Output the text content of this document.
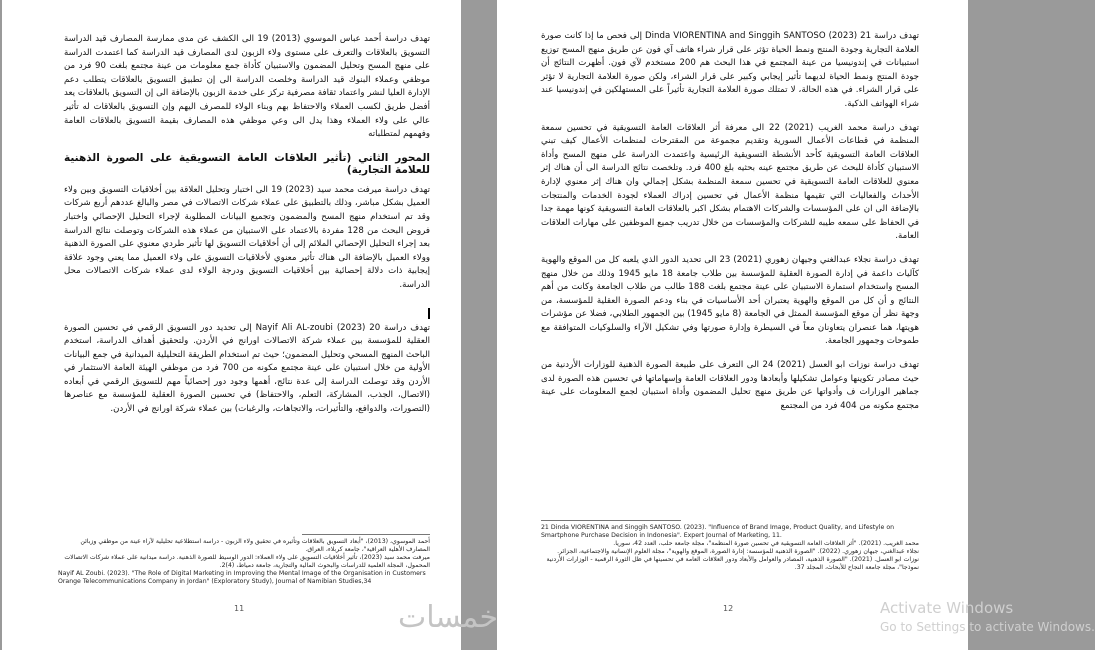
تهدف دراسة أحمد عباس الموسوي (2013) 19 الى الكشف عن مدى ممارسة المصارف قيد الدراسة التسويق بالعلاقات والتعرف على مستوى ولاء الزبون لدى المصارف قيد الدراسة كما اعتمدت الدراسة على منهج المسح وتحليل المضمون والاستبيان كأداة جمع معلومات من عينة مجتمع بلغت 90 فرد من موظفي وعملاء البنوك قيد الدراسة وخلصت الدراسة الى إن تطبيق التسويق بالعلاقات يتطلب دعم الإدارة العليا لنشر واعتماد ثقافة مصرفية تركز على خدمة الزبون بالإضافة الى إن التسويق بالعلاقات يعد أفضل طريق لكسب العملاء والاحتفاظ بهم وبناء الولاء للمصرف اليهم وإن التسويق بالعلاقات له تأثير عالي على ولاء العملاء وهذا يدل الى وعي موظفي هذه المصارف بقيمة التسويق بالعلاقات العامة وفهمهم لمتطلباته

المحور الثاني (تأثير العلاقات العامة التسويقية على الصورة الذهنية للعلامة التجارية)

تهدف دراسة ميرفت محمد سيد (2023) 19 الى اختبار وتحليل العلاقة بين أخلاقيات التسويق وبين ولاء العميل بشكل مباشر، وذلك بالتطبيق على عملاء شركات الاتصالات في مصر والبالغ عددهم أربع شركات وقد تم استخدام منهج المسح والمضمون وتجميع البيانات المطلوبة لإجراء التحليل الإحصائي واختبار فروض البحث من 128 مفردة بالاعتماد على الاستبيان من عملاء هذه الشركات وتوصلت نتائج الدراسة بعد إجراء التحليل الإحصائي الملائم إلى أن أخلاقيات التسويق لها تأثير طردي معنوي على الصورة الذهنية وولاء العميل بالإضافة الى هناك تأثير معنوي لأخلاقيات التسويق على ولاء العميل مما يعني وجود علاقة إيجابية ذات دلالة إحصائية بين أخلاقيات التسويق ودرجة الولاء لدى عملاء شركات الاتصالات محل الدراسة.

تهدف دراسة Nayif Ali AL-zoubi (2023) 20 إلى تحديد دور التسويق الرقمي في تحسين الصورة العقلية للمؤسسة بين عملاء شركة الاتصالات اورانج في الأردن. ولتحقيق أهداف الدراسة، استخدم الباحث المنهج المسحي وتحليل المضمون؛ حيث تم استخدام الطريقة التحليلية الميدانية في جمع البيانات الأولية من خلال استبيان على عينة مجتمع مكونه من 700 فرد من موظفي الهيئة العامة الاستثمار في الأردن وقد توصلت الدراسة إلى عدة نتائج، أهمها وجود دور إحصائياً مهم للتسويق الرقمي في أبعاده (الاتصال، الجذب، المشاركة، التعلم، والاحتفاظ) في تحسين الصورة العقلية للمؤسسة مع عناصرها (التصورات، والدوافع، والتأثيرات، والاتجاهات، والرغبات) بين عملاء شركة اورانج في الأردن.

أحمد الموسوي، (2013)، "أبعاد التسويق بالعلاقات وتأثيره في تحقيق ولاء الزبون - دراسة استطلاعية تحليلية لآراء عينة من موظفي وزبائن المصارف الأهلية العراقية"، جامعة كربلاء، العراق.

ميرفت محمد سيد (2023)، تأثير أخلاقيات التسويق على ولاء العملاء: الدور الوسيط للصورة الذهنية. دراسة ميدانية على عملاء شركات الاتصالات المحمول، المجلة العلمية للدراسات والبحوث المالية والتجارية، جامعة دمياط، (4)2.

Nayif AL Zoubi. (2023). "The Role of Digital Marketing in Improving the Mental Image of the Organisation in Customers Orange Telecommunications Company in Jordan" (Exploratory Study), Journal of Namibian Studies,34

11

تهدف دراسة Dinda VIORENTINA and Singgih SANTOSO (2023) 21 إلى فحص ما إذا كانت صورة العلامة التجارية وجودة المنتج ونمط الحياة تؤثر على قرار شراء هاتف آي فون عن طريق منهج المسح توزيع استبيانات في إندونيسيا من عينة المجتمع في هذا البحث هم 200 مستخدم لآي فون. أظهرت النتائج أن جودة المنتج ونمط الحياة لديهما تأثير إيجابي وكبير على قرار الشراء، ولكن صورة العلامة التجارية لا تؤثر على قرار الشراء. في هذه الحالة، لا تمتلك صورة العلامة التجارية تأثيراً على المستهلكين في إندونيسيا عند شراء الهواتف الذكية.

تهدف دراسة محمد الغريب (2021) 22 الى معرفة أثر العلاقات العامة التسويقية في تحسين سمعة المنظمة في قطاعات الأعمال السورية وتقديم مجموعة من المقترحات لمنظمات الأعمال كيف تبني العلاقات العامة التسويقية كأحد الأنشطة التسويقية الرئيسية واعتمدت الدراسة على منهج المسح وأداة الاستبيان كأداة للبحث عن طريق مجتمع عينه بحثيه بلغ 400 فرد. وتلخصت نتائج الدراسة الى أن هناك إثر معنوي للعلاقات العامة التسويقية في تحسين سمعة المنظمة بشكل إجمالي وان هناك إثر معنوي لإدارة الأحداث والفعاليات التي تقيمها منظمة الأعمال في تحسين إدراك العملاء لجودة الخدمات والمنتجات بالإضافة الى ان على المؤسسات والشركات الاهتمام بشكل اكبر بالعلاقات العامة التسويقية كونها مهمة جدا في الحفاظ على سمعه طيبه للشركات والمؤسسات من خلال تدريب جميع الموظفين على مهارات العلاقات العامة.

تهدف دراسة نجلاء عبدالغني وجيهان زهوري (2021) 23 الى تحديد الدور الذي يلعبه كل من الموقع والهوية كآليات داعمة في إدارة الصورة العقلية للمؤسسة بين طلاب جامعة 18 مايو 1945 وذلك من خلال منهج المسح واستخدام استمارة الاستبيان على عينة مجتمع بلغت 188 طالب من طلاب الجامعة وكانت من أهم النتائج و أن كل من الموقع والهوية يعتبران أحد الأساسيات في بناء ودعم الصورة العقلية للمؤسسة، من وجهة نظر أن موقع المؤسسة الممثل في الجامعة (8 مايو 1945) بين الجمهور الطلابي، فضلا عن مؤشرات هويتها، هما عنصران يتعاونان معاً في السيطرة وإدارة صورتها وفي تشكيل الآراء والسلوكيات المتوافقة مع طموحات وجمهور الجامعة.

تهدف دراسة نوزات ابو العسل (2021) 24 الى التعرف على طبيعة الصورة الذهنية للوزارات الأردنية من حيث مصادر تكوينها وعوامل تشكيلها وأبعادها ودور العلاقات العامة وإسهاماتها في تحسين هذه الصورة لدى جماهير الوزارات ف وأدواتها عن طريق منهج تحليل المضمون وأداة استبيان لجمع المعلومات على عينة مجتمع مكونه من 404 فرد من المجتمع

21 Dinda VIORENTINA and Singgih SANTOSO. (2023). "Influence of Brand Image, Product Quality, and Lifestyle on Smartphone Purchase Decision in Indonesia". Expert Journal of Marketing, 11.

محمد الغريب. (2021). "أثر العلاقات العامة التسويقية في تحسين صورة المنظمة"، مجلة جامعة حلب، العدد 42، سوريا.

نجلاء عبدالغني، جيهان زهوري. (2022). "الصورة الذهنية للمؤسسة: إدارة الصورة، الموقع والهوية"، مجلة العلوم الإنسانية والاجتماعية، الجزائر.

نوزات ابو العسل. (2021). "الصورة الذهنية، المصادر والعوامل والأبعاد ودور العلاقات العامة في تحسينها في ظل الثورة الرقمية - الوزارات الأردنية نموذجا"، مجلة جامعة النجاح للأبحاث، المجلد 37.

12
خمسات	Activate Windows
Go to Settings to activate Windows.
